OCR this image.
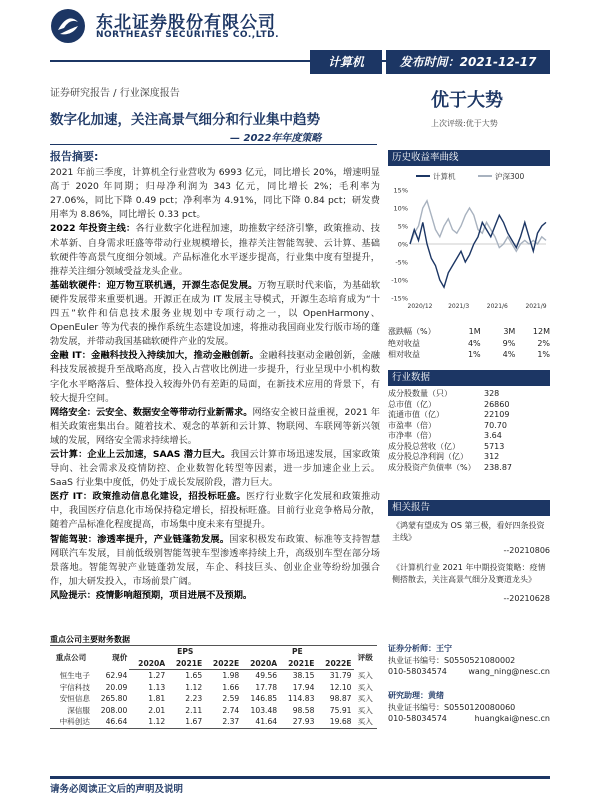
东北证券股份有限公司
NORTHEAST SECURITIES CO.,LTD.
计算机	发布时间：2021-12-17
证券研究报告 / 行业深度报告	优于大势
上次评级:优于大势
数字化加速，关注高景气细分和行业集中趋势
— 2022年年度策略

报告摘要:

2021 年前三季度，计算机全行业营收为 6993 亿元，同比增长 20%，增速明显高于 2020 年同期；归母净利润为 343 亿元，同比增长 2%；毛利率为 27.06%，同比下降 0.49 pct；净利率为 4.91%，同比下降 0.84 pct；研发费用率为 8.86%，同比增长 0.33 pct。

2022 年投资主线：各行业数字化进程加速，助推数字经济引擎，政策推动、技术革新、自身需求旺盛等带动行业规模增长，推荐关注智能驾驶、云计算、基础软硬件等高景气度细分领域。产品标准化水平逐步提高，行业集中度有望提升，推荐关注细分领域受益龙头企业。

基础软硬件：迎万物互联机遇，开源生态促发展。万物互联时代来临，为基础软硬件发展带来重要机遇。开源正在成为 IT 发展主导模式，开源生态培育成为“十四五”软件和信息技术服务业规划中专项行动之一，以 OpenHarmony、OpenEuler 等为代表的操作系统生态建设加速，将推动我国商业发行版市场的蓬勃发展，并带动我国基础软硬件产业的发展。

金融 IT：金融科技投入持续加大，推动金融创新。金融科技驱动金融创新，金融科技发展被提升至战略高度，投入占营收比例进一步提升，行业呈现中小机构数字化水平略落后、整体投入较海外仍有差距的局面，在新技术应用的背景下，有较大提升空间。

网络安全：云安全、数据安全等带动行业新需求。网络安全被日益重视，2021 年相关政策密集出台。随着技术、观念的革新和云计算、物联网、车联网等新兴领域的发展，网络安全需求持续增长。

云计算：企业上云加速，SAAS 潜力巨大。我国云计算市场迅速发展，国家政策导向、社会需求及疫情防控、企业数智化转型等因素，进一步加速企业上云。SaaS 行业集中度低，仍处于成长发展阶段，潜力巨大。

医疗 IT：政策推动信息化建设，招投标旺盛。医疗行业数字化发展和政策推动中，我国医疗信息化市场保持稳定增长，招投标旺盛。目前行业竞争格局分散，随着产品标准化程度提高，市场集中度未来有望提升。

智能驾驶：渗透率提升，产业链蓬勃发展。国家积极发布政策、标准等支持智慧网联汽车发展，目前低级别智能驾驶车型渗透率持续上升，高级别车型在部分场景落地。智能驾驶产业链蓬勃发展，车企、科技巨头、创业企业等纷纷加强合作，加大研发投入，市场前景广阔。

风险提示：疫情影响超预期，项目进展不及预期。

历史收益率曲线
计算机	沪深300
15%
10%
5%
0%
-5%
-10%
-15%
2020/12	2021/3	2021/6	2021/9
涨跌幅（%）	1M	3M	12M
绝对收益	4%	9%	2%
相对收益	1%	4%	1%
行业数据
成分股数量（只）	328
总市值（亿）	26860
流通市值（亿）	22109
市盈率（倍）	70.70
市净率（倍）	3.64
成分股总营收（亿）	5713
成分股总净利润（亿）	312
成分股资产负债率（%）	238.87
相关报告
《鸿蒙有望成为 OS 第三极，看好四条投资主线》
--20210806
《计算机行业 2021 年中期投资策略：疫情侧搭散去，关注高景气细分及赛道龙头》
--20210628
证券分析师：王宁
执业证书编号：S0550521080002
010-58034574	wang_ning@nesc.cn
研究助理：黄绪
执业证书编号：S0550120080060
010-58034574	huangkai@nesc.cn
重点公司主要财务数据
重点公司	现价	EPS			PE			评级
		2020A	2021E	2022E	2020A	2021E	2022E	
恒生电子	62.94	1.27	1.65	1.98	49.56	38.15	31.79	买入
宇信科技	20.09	1.13	1.12	1.66	17.78	17.94	12.10	买入
安恒信息	265.80	1.81	2.23	2.59	146.85	114.83	98.87	买入
深信服	208.00	2.01	2.11	2.74	103.48	98.58	75.91	买入
中科创达	46.64	1.12	1.67	2.37	41.64	27.93	19.68	买入
请务必阅读正文后的声明及说明
